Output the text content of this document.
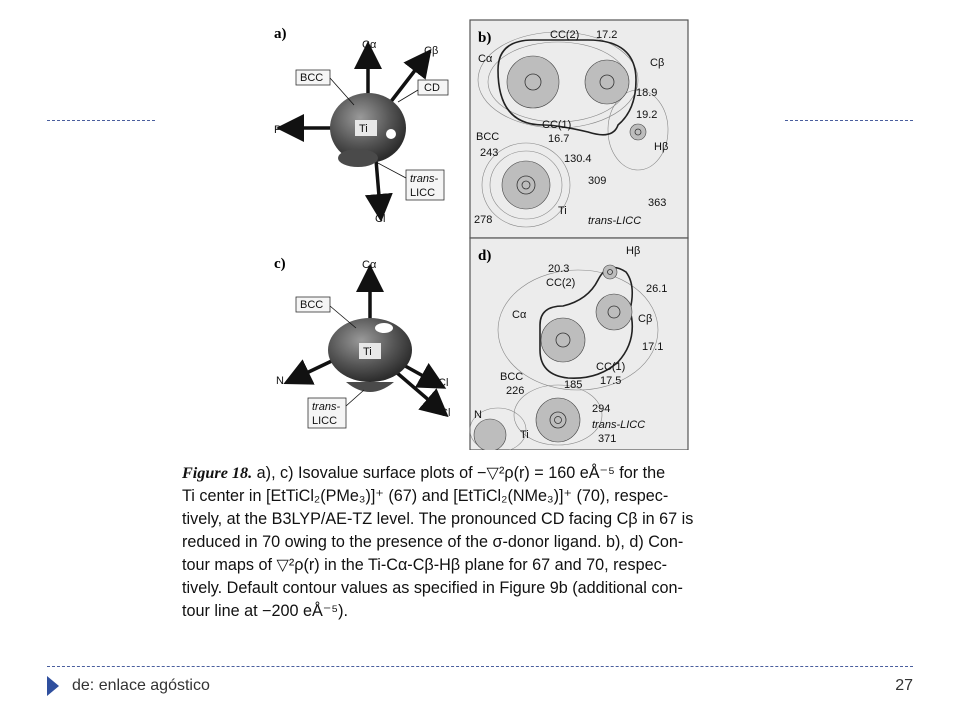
a)
Ti
Cα	Cβ
P
Cl
BCC
CD
trans-
LICC
b)
Cα	Cβ
CC(2) 17.2
18.9
19.2
CC(1)
16.7
Hβ
BCC
243	130.4
309
363
278
Ti
trans-LICC
c)
Ti
Cα
N	Cl
Cl
BCC
trans-
LICC
d)	Hβ
20.3
CC(2)	26.1
Cα	Cβ
17.1
CC(1)
17.5
BCC
185
226
294
N
Ti
trans-LICC
371
Figure 18. a), c) Isovalue surface plots of −▽²ρ(r) = 160 eÅ⁻⁵ for the
Ti center in [EtTiCl₂(PMe₃)]⁺ (67) and [EtTiCl₂(NMe₃)]⁺ (70), respec-
tively, at the B3LYP/AE-TZ level. The pronounced CD facing Cβ in 67 is
reduced in 70 owing to the presence of the σ-donor ligand. b), d) Con-
tour maps of ▽²ρ(r) in the Ti-Cα-Cβ-Hβ plane for 67 and 70, respec-
tively. Default contour values as specified in Figure 9b (additional con-
tour line at −200 eÅ⁻⁵).
de: enlace agóstico	27
